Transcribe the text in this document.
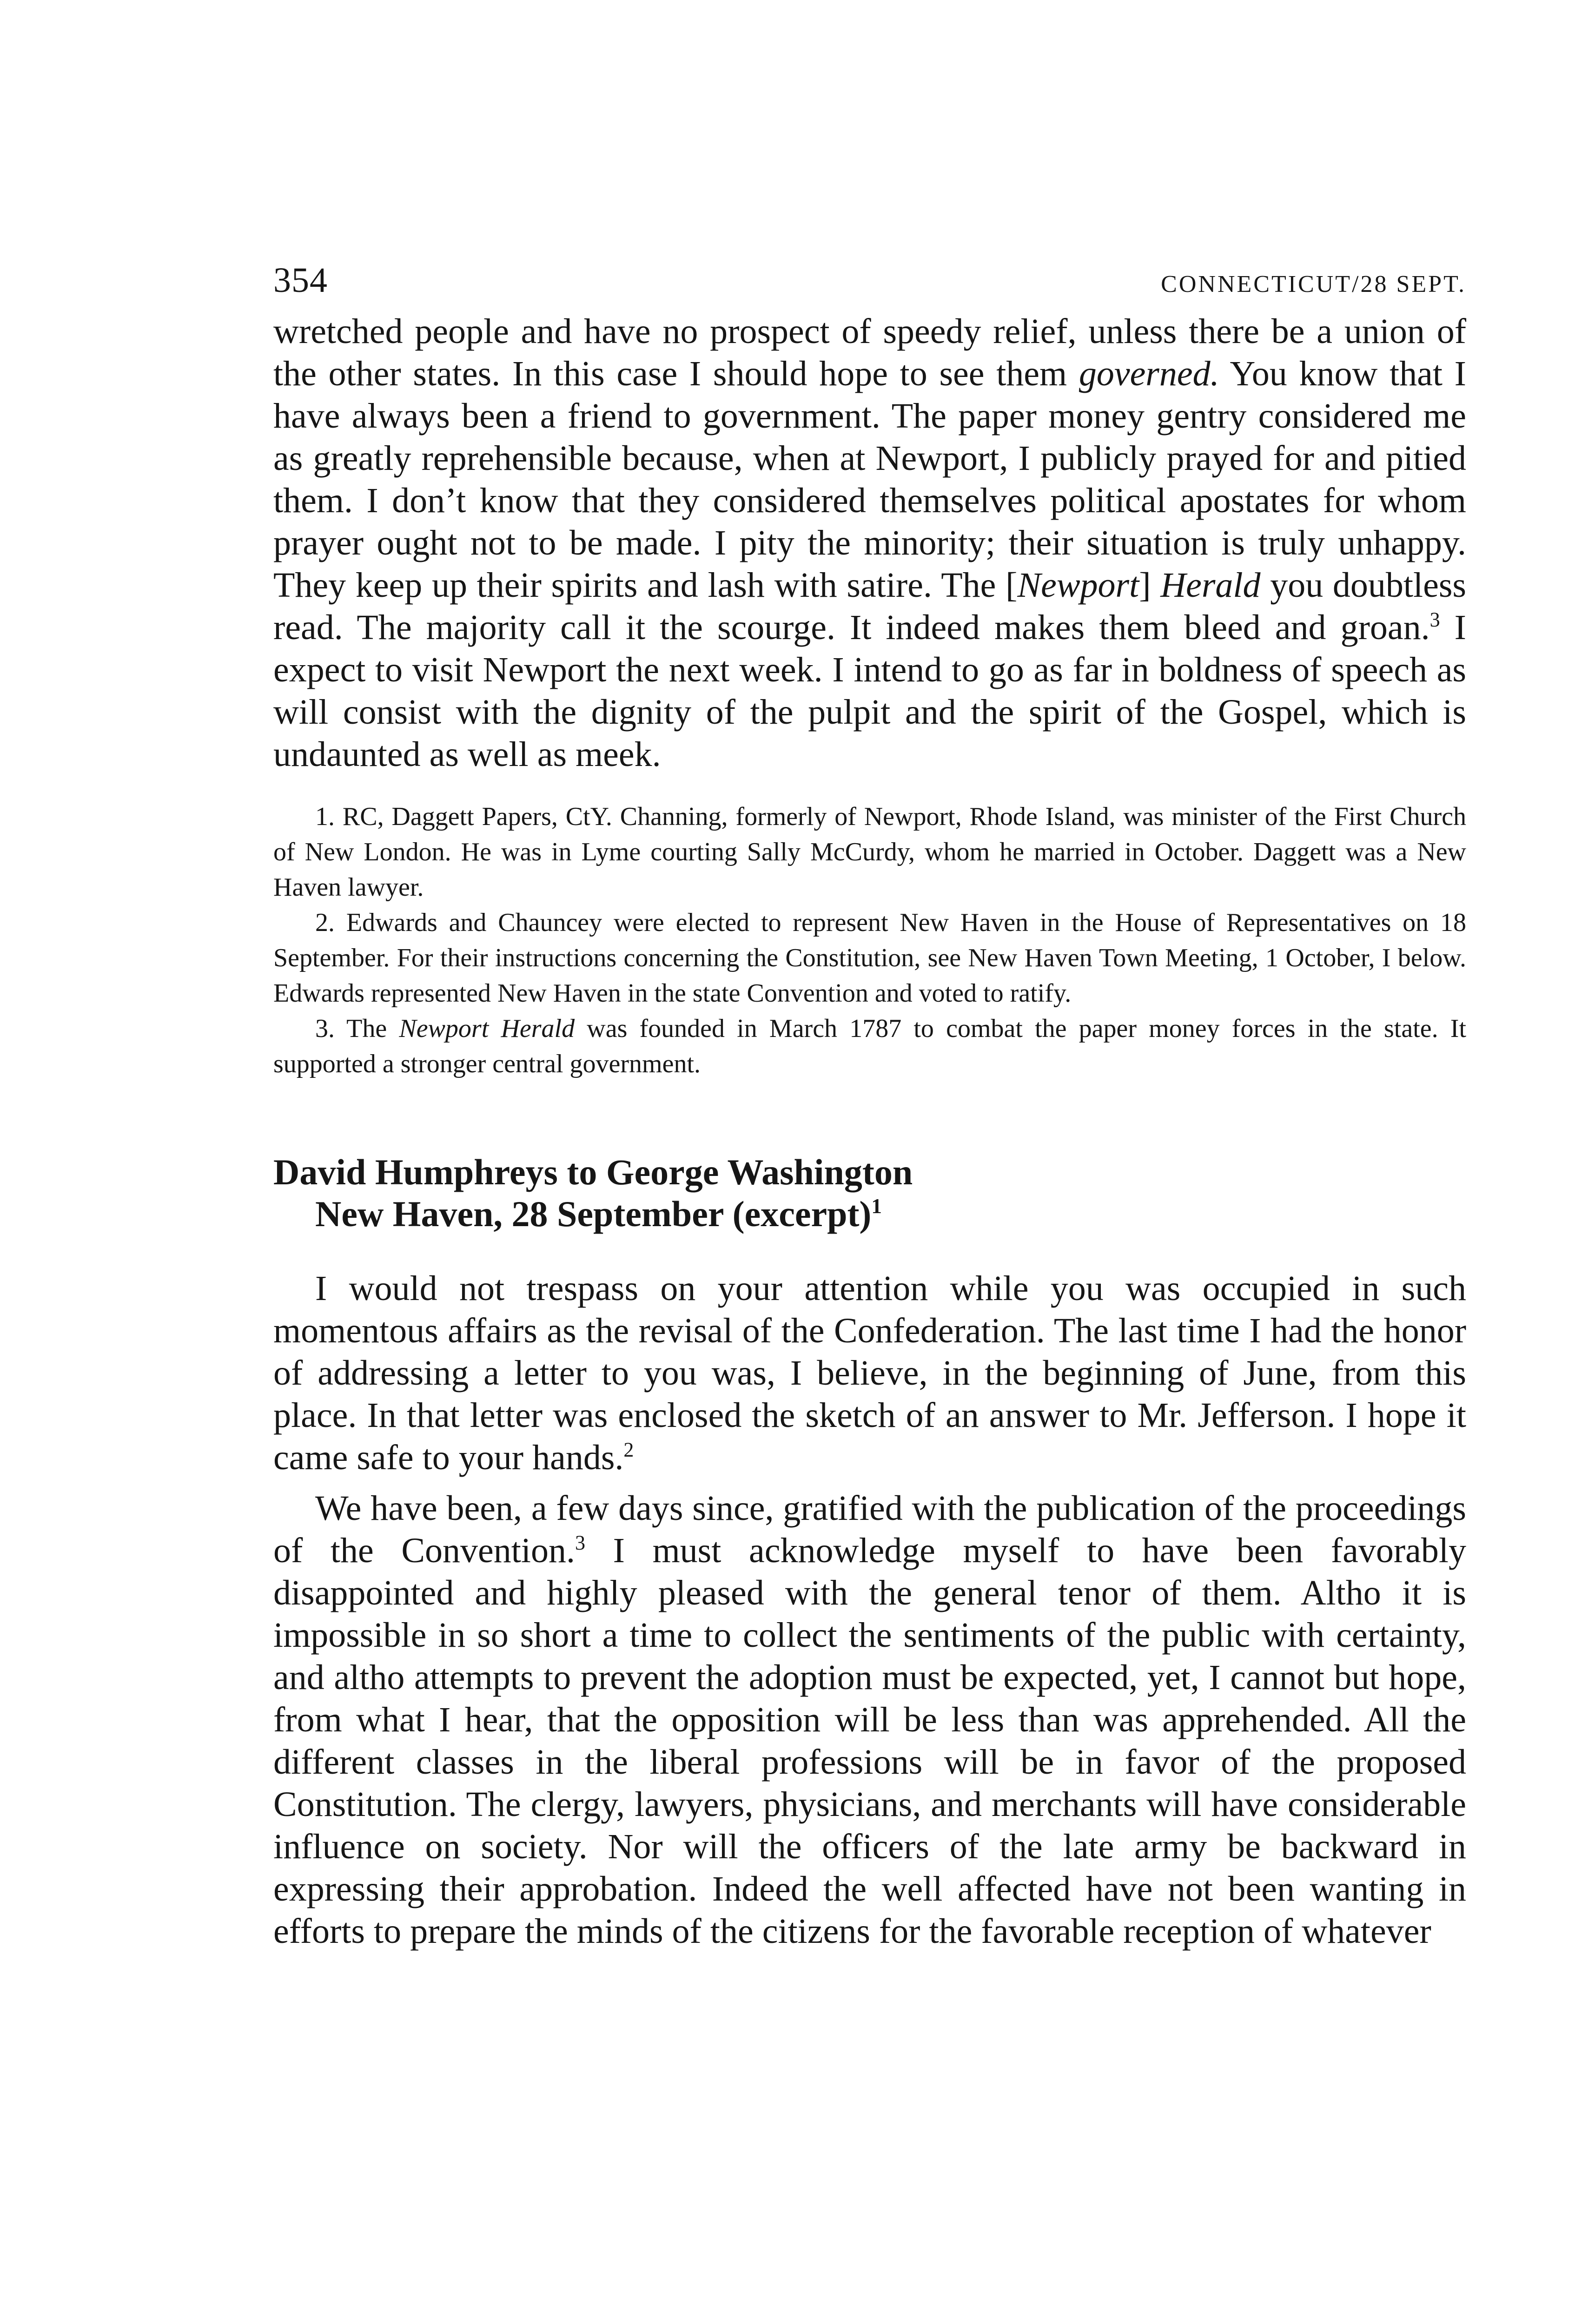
354	CONNECTICUT/28 SEPT.

wretched people and have no prospect of speedy relief, unless there be a union of the other states. In this case I should hope to see them governed. You know that I have always been a friend to government. The paper money gentry considered me as greatly reprehensible because, when at Newport, I publicly prayed for and pitied them. I don’t know that they considered themselves political apostates for whom prayer ought not to be made. I pity the minority; their situation is truly unhappy. They keep up their spirits and lash with satire. The [Newport] Herald you doubtless read. The majority call it the scourge. It indeed makes them bleed and groan.$^3$ I expect to visit Newport the next week. I intend to go as far in boldness of speech as will consist with the dignity of the pulpit and the spirit of the Gospel, which is undaunted as well as meek.

1. RC, Daggett Papers, CtY. Channing, formerly of Newport, Rhode Island, was minister of the First Church of New London. He was in Lyme courting Sally McCurdy, whom he married in October. Daggett was a New Haven lawyer.

2. Edwards and Chauncey were elected to represent New Haven in the House of Representatives on 18 September. For their instructions concerning the Constitution, see New Haven Town Meeting, 1 October, I below. Edwards represented New Haven in the state Convention and voted to ratify.

3. The Newport Herald was founded in March 1787 to combat the paper money forces in the state. It supported a stronger central government.

David Humphreys to George Washington
New Haven, 28 September (excerpt)$^1$

I would not trespass on your attention while you was occupied in such momentous affairs as the revisal of the Confederation. The last time I had the honor of addressing a letter to you was, I believe, in the beginning of June, from this place. In that letter was enclosed the sketch of an answer to Mr. Jefferson. I hope it came safe to your hands.$^2$

We have been, a few days since, gratified with the publication of the proceedings of the Convention.$^3$ I must acknowledge myself to have been favorably disappointed and highly pleased with the general tenor of them. Altho it is impossible in so short a time to collect the sentiments of the public with certainty, and altho attempts to prevent the adoption must be expected, yet, I cannot but hope, from what I hear, that the opposition will be less than was apprehended. All the different classes in the liberal professions will be in favor of the proposed Constitution. The clergy, lawyers, physicians, and merchants will have considerable influence on society. Nor will the officers of the late army be backward in expressing their approbation. Indeed the well affected have not been wanting in efforts to prepare the minds of the citizens for the favorable reception of whatever
